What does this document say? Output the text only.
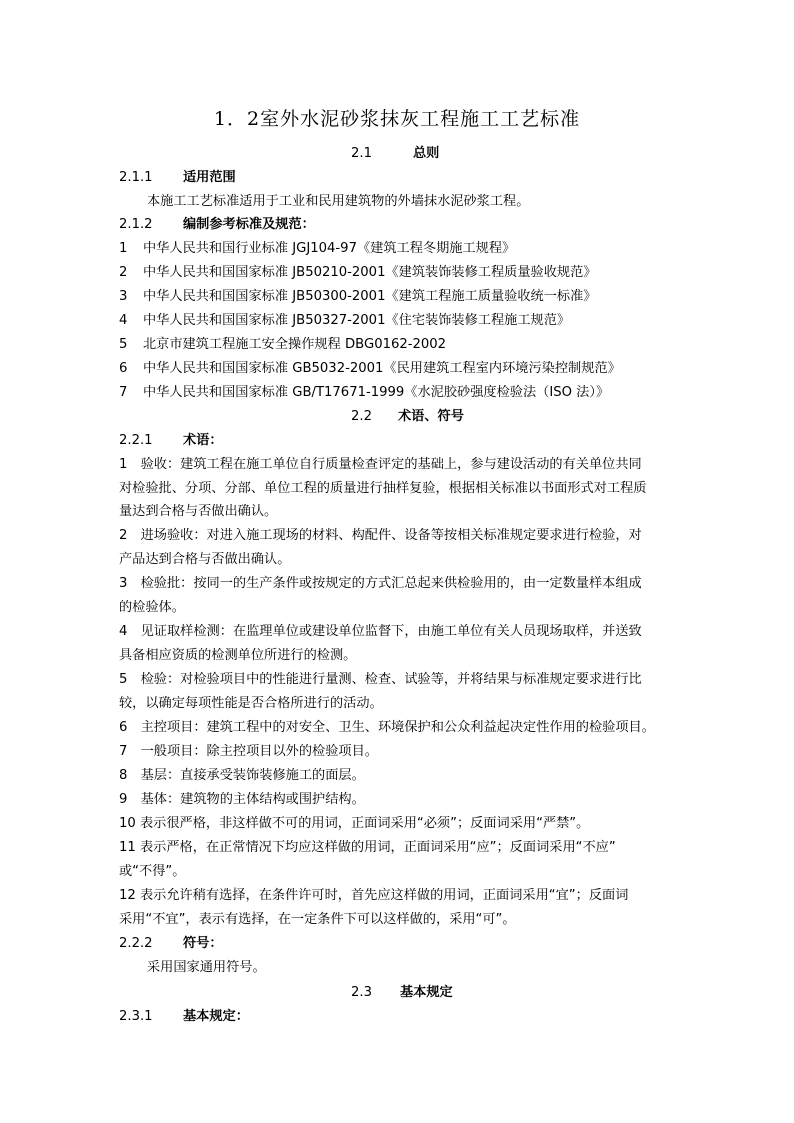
1．2室外水泥砂浆抹灰工程施工工艺标准
2.1	总则
2.1.1 适用范围
本施工工艺标准适用于工业和民用建筑物的外墙抹水泥砂浆工程。
2.1.2 编制参考标准及规范：
1 中华人民共和国行业标准 JGJ104-97《建筑工程冬期施工规程》
2 中华人民共和国国家标准 JB50210-2001《建筑装饰装修工程质量验收规范》
3 中华人民共和国国家标准 JB50300-2001《建筑工程施工质量验收统一标准》
4 中华人民共和国国家标准 JB50327-2001《住宅装饰装修工程施工规范》
5 北京市建筑工程施工安全操作规程 DBG0162-2002
6 中华人民共和国国家标准 GB5032-2001《民用建筑工程室内环境污染控制规范》
7 中华人民共和国国家标准 GB/T17671-1999《水泥胶砂强度检验法（ISO 法）》
2.2 术语、符号
2.2.1 术语：
1　验收：建筑工程在施工单位自行质量检查评定的基础上，参与建设活动的有关单位共同
对检验批、分项、分部、单位工程的质量进行抽样复验，根据相关标准以书面形式对工程质
量达到合格与否做出确认。
2　进场验收：对进入施工现场的材料、构配件、设备等按相关标准规定要求进行检验，对
产品达到合格与否做出确认。
3　检验批：按同一的生产条件或按规定的方式汇总起来供检验用的，由一定数量样本组成
的检验体。
4　见证取样检测：在监理单位或建设单位监督下，由施工单位有关人员现场取样，并送致
具备相应资质的检测单位所进行的检测。
5　检验：对检验项目中的性能进行量测、检查、试验等，并将结果与标准规定要求进行比
较，以确定每项性能是否合格所进行的活动。
6　主控项目：建筑工程中的对安全、卫生、环境保护和公众利益起决定性作用的检验项目。
7　一般项目：除主控项目以外的检验项目。
8　基层：直接承受装饰装修施工的面层。
9　基体：建筑物的主体结构或围护结构。
10 表示很严格，非这样做不可的用词，正面词采用“必须”；反面词采用“严禁”。
11 表示严格，在正常情况下均应这样做的用词，正面词采用“应”；反面词采用“不应”
或“不得”。
12 表示允许稍有选择，在条件许可时，首先应这样做的用词，正面词采用“宜”；反面词
采用“不宜”，表示有选择，在一定条件下可以这样做的，采用“可”。
2.2.2 符号：
采用国家通用符号。
2.3 基本规定
2.3.1 基本规定：
